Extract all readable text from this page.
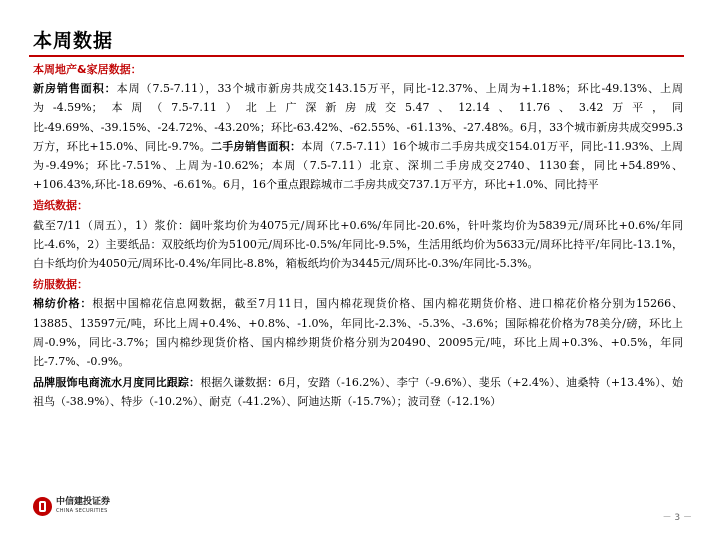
本周数据
本周地产&家居数据：

新房销售面积：本周（7.5-7.11），33个城市新房共成交143.15万平，同比-12.37%、上周为+1.18%；环比-49.13%、上周为-4.59%；本周（7.5-7.11）北上广深新房成交5.47、12.14、11.76、3.42万平，同比-49.69%、-39.15%、-24.72%、-43.20%；环比-63.42%、-62.55%、-61.13%、-27.48%。6月，33个城市新房共成交995.3万方，环比+15.0%、同比-9.7%。二手房销售面积：本周（7.5-7.11）16个城市二手房共成交154.01万平，同比-11.93%、上周为-9.49%；环比-7.51%、上周为-10.62%；本周（7.5-7.11）北京、深圳二手房成交2740、1130套，同比+54.89%、+106.43%,环比-18.69%、-6.61%。6月，16个重点跟踪城市二手房共成交737.1万平方，环比+1.0%、同比持平

造纸数据：

截至7/11（周五），1）浆价：阔叶浆均价为4075元/周环比+0.6%/年同比-20.6%，针叶浆均价为5839元/周环比+0.6%/年同比-4.6%，2）主要纸品：双胶纸均价为5100元/周环比-0.5%/年同比-9.5%，生活用纸均价为5633元/周环比持平/年同比-13.1%，白卡纸均价为4050元/周环比-0.4%/年同比-8.8%，箱板纸均价为3445元/周环比-0.3%/年同比-5.3%。

纺服数据：

棉纺价格：根据中国棉花信息网数据，截至7月11日，国内棉花现货价格、国内棉花期货价格、进口棉花价格分别为15266、13885、13597元/吨，环比上周+0.4%、+0.8%、-1.0%，年同比-2.3%、-5.3%、-3.6%；国际棉花价格为78美分/磅，环比上周-0.9%，同比-3.7%；国内棉纱现货价格、国内棉纱期货价格分别为20490、20095元/吨，环比上周+0.3%、+0.5%，年同比-7.7%、-0.9%。

品牌服饰电商流水月度同比跟踪：根据久谦数据：6月，安踏（-16.2%）、李宁（-9.6%）、斐乐（+2.4%）、迪桑特（+13.4%）、始祖鸟（-38.9%）、特步（-10.2%）、耐克（-41.2%）、阿迪达斯（-15.7%）；波司登（-12.1%）

中信建投证券
CHINA SECURITIES
－ 3 －
